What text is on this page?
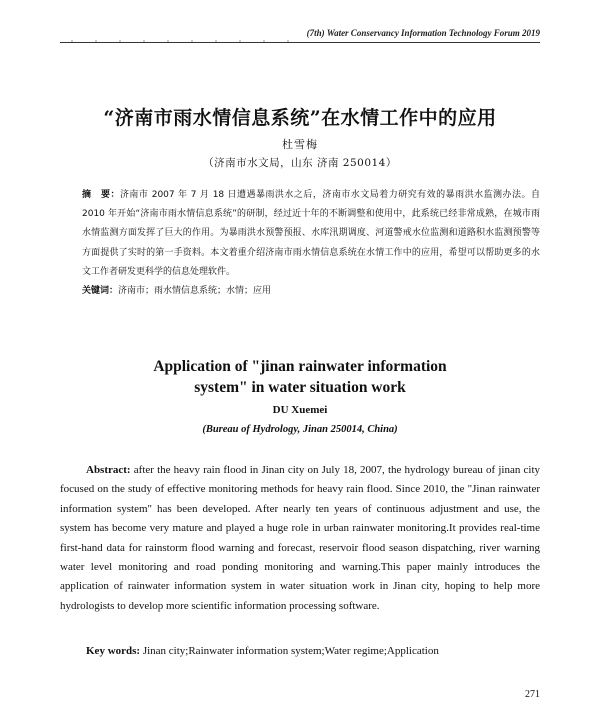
(7th) Water Conservancy Information Technology Forum 2019
“济南市雨水情信息系统”在水情工作中的应用
杜雪梅
（济南市水文局，山东 济南 250014）
摘　要：济南市 2007 年 7 月 18 日遭遇暴雨洪水之后，济南市水文局着力研究有效的暴雨洪水监测办法。自 2010 年开始“济南市雨水情信息系统”的研制，经过近十年的不断调整和使用中，此系统已经非常成熟，在城市雨水情监测方面发挥了巨大的作用。为暴雨洪水预警预报、水库汛期调度、河道警戒水位监测和道路积水监测预警等方面提供了实时的第一手资料。本文着重介绍济南市雨水情信息系统在水情工作中的应用，希望可以帮助更多的水文工作者研发更科学的信息处理软件。
关键词：济南市；雨水情信息系统；水情；应用
Application of "jinan rainwater information
system" in water situation work
DU Xuemei
(Bureau of Hydrology, Jinan 250014, China)
Abstract: after the heavy rain flood in Jinan city on July 18, 2007, the hydrology bureau of jinan city focused on the study of effective monitoring methods for heavy rain flood. Since 2010, the "Jinan rainwater information system" has been developed. After nearly ten years of continuous adjustment and use, the system has become very mature and played a huge role in urban rainwater monitoring.It provides real-time first-hand data for rainstorm flood warning and forecast, reservoir flood season dispatching, river warning water level monitoring and road ponding monitoring and warning.This paper mainly introduces the application of rainwater information system in water situation work in Jinan city, hoping to help more hydrologists to develop more scientific information processing software.
Key words: Jinan city;Rainwater information system;Water regime;Application
271
